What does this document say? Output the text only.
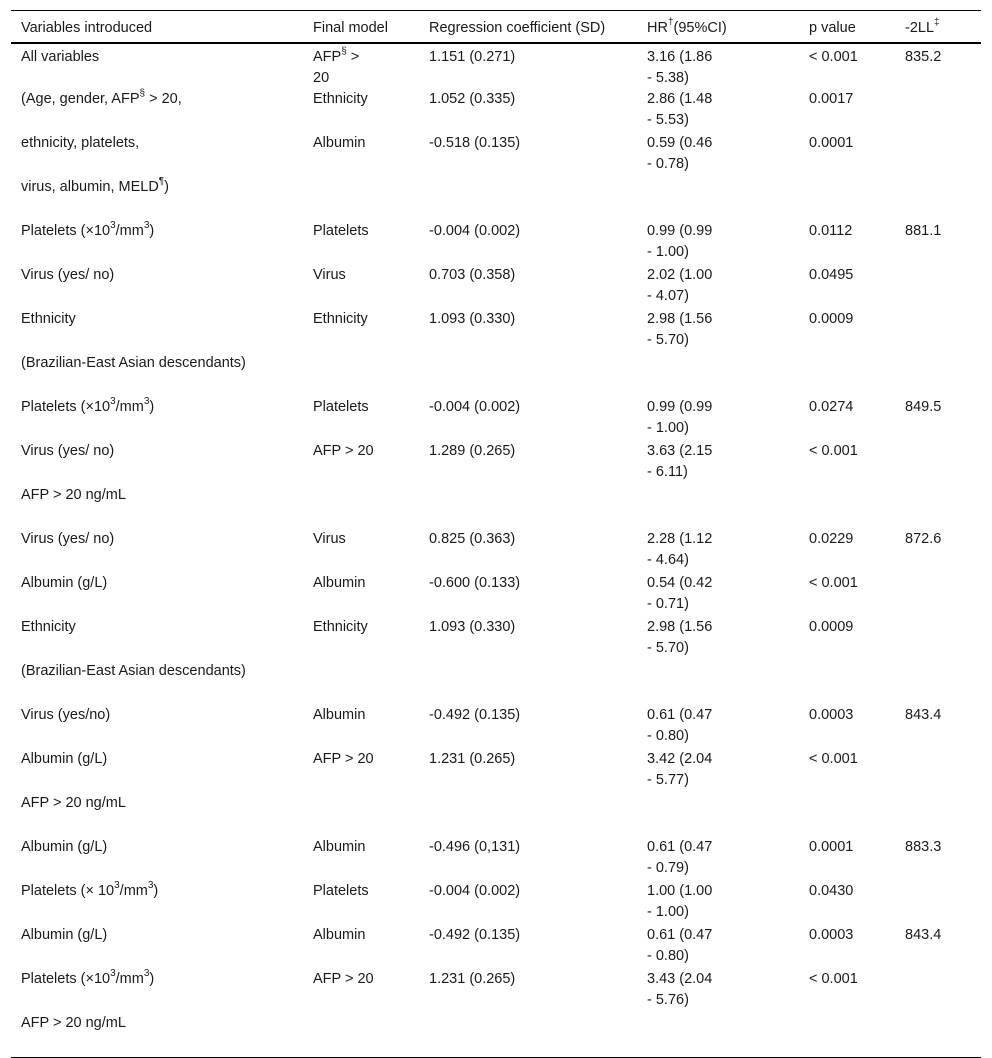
Variables introduced	Final model	Regression coefficient (SD)	HR†(95%CI)	p value	-2LL‡
All variables	AFP§ > 20	1.151 (0.271)	3.16 (1.86 - 5.38)	< 0.001	835.2
(Age, gender, AFP§ > 20,	Ethnicity	1.052 (0.335)	2.86 (1.48 - 5.53)	0.0017	
ethnicity, platelets,	Albumin	-0.518 (0.135)	0.59 (0.46 - 0.78)	0.0001	
virus, albumin, MELD¶)					
Platelets $(\times 10^3/mm^3)$	Platelets	-0.004 (0.002)	0.99 (0.99 - 1.00)	0.0112	881.1
Virus (yes/ no)	Virus	0.703 (0.358)	2.02 (1.00 - 4.07)	0.0495	
Ethnicity	Ethnicity	1.093 (0.330)	2.98 (1.56 - 5.70)	0.0009	
(Brazilian-East Asian descendants)					
Platelets $(\times 10^3/mm^3)$	Platelets	-0.004 (0.002)	0.99 (0.99 - 1.00)	0.0274	849.5
Virus (yes/ no)	AFP > 20	1.289 (0.265)	3.63 (2.15 - 6.11)	< 0.001	
AFP > 20 ng/mL					
Virus (yes/ no)	Virus	0.825 (0.363)	2.28 (1.12 - 4.64)	0.0229	872.6
Albumin (g/L)	Albumin	-0.600 (0.133)	0.54 (0.42 - 0.71)	< 0.001	
Ethnicity	Ethnicity	1.093 (0.330)	2.98 (1.56 - 5.70)	0.0009	
(Brazilian-East Asian descendants)					
Virus (yes/no)	Albumin	-0.492 (0.135)	0.61 (0.47 - 0.80)	0.0003	843.4
Albumin (g/L)	AFP > 20	1.231 (0.265)	3.42 (2.04 - 5.77)	< 0.001	
AFP > 20 ng/mL					
Albumin (g/L)	Albumin	-0.496 (0,131)	0.61 (0.47 - 0.79)	0.0001	883.3
Platelets (× $10^3/mm^3$)	Platelets	-0.004 (0.002)	1.00 (1.00 - 1.00)	0.0430	
Albumin (g/L)	Albumin	-0.492 (0.135)	0.61 (0.47 - 0.80)	0.0003	843.4
Platelets $(\times 10^3/mm^3)$	AFP > 20	1.231 (0.265)	3.43 (2.04 - 5.76)	< 0.001	
AFP > 20 ng/mL					
